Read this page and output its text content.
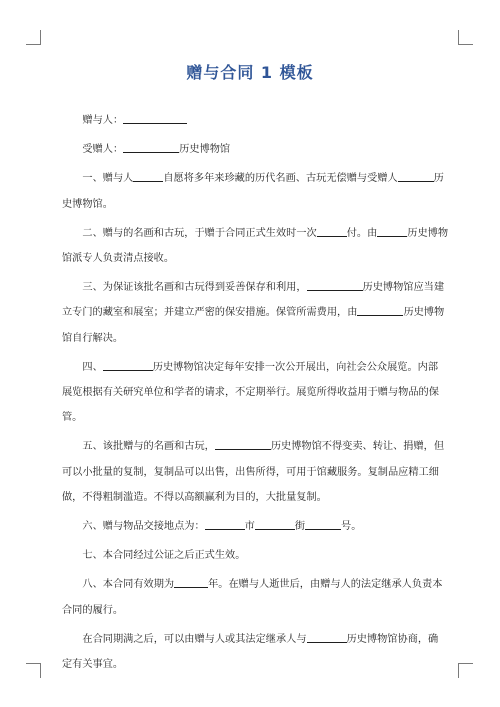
赠与合同 1 模板
赠与人：
受赠人：	历史博物馆
一、赠与人	自愿将多年来珍藏的历代名画、古玩无偿赠与受赠人	历
史博物馆。
二、赠与的名画和古玩，于赠于合同正式生效时一次	付。由	历史博物
馆派专人负责清点接收。
三、为保证该批名画和古玩得到妥善保存和利用，	历史博物馆应当建
立专门的藏室和展室；并建立严密的保安措施。保管所需费用，由	历史博物
馆自行解决。
四、	历史博物馆决定每年安排一次公开展出，向社会公众展览。内部
展览根据有关研究单位和学者的请求，不定期举行。展览所得收益用于赠与物品的保
管。
五、该批赠与的名画和古玩，	历史博物馆不得变卖、转让、捐赠，但
可以小批量的复制，复制品可以出售，出售所得，可用于馆藏服务。复制品应精工细
做，不得粗制滥造。不得以高额赢利为目的，大批量复制。
六、赠与物品交接地点为：	市	街	号。
七、本合同经过公证之后正式生效。
八、本合同有效期为	年。在赠与人逝世后，由赠与人的法定继承人负责本
合同的履行。
在合同期满之后，可以由赠与人或其法定继承人与	历史博物馆协商，确
定有关事宜。
